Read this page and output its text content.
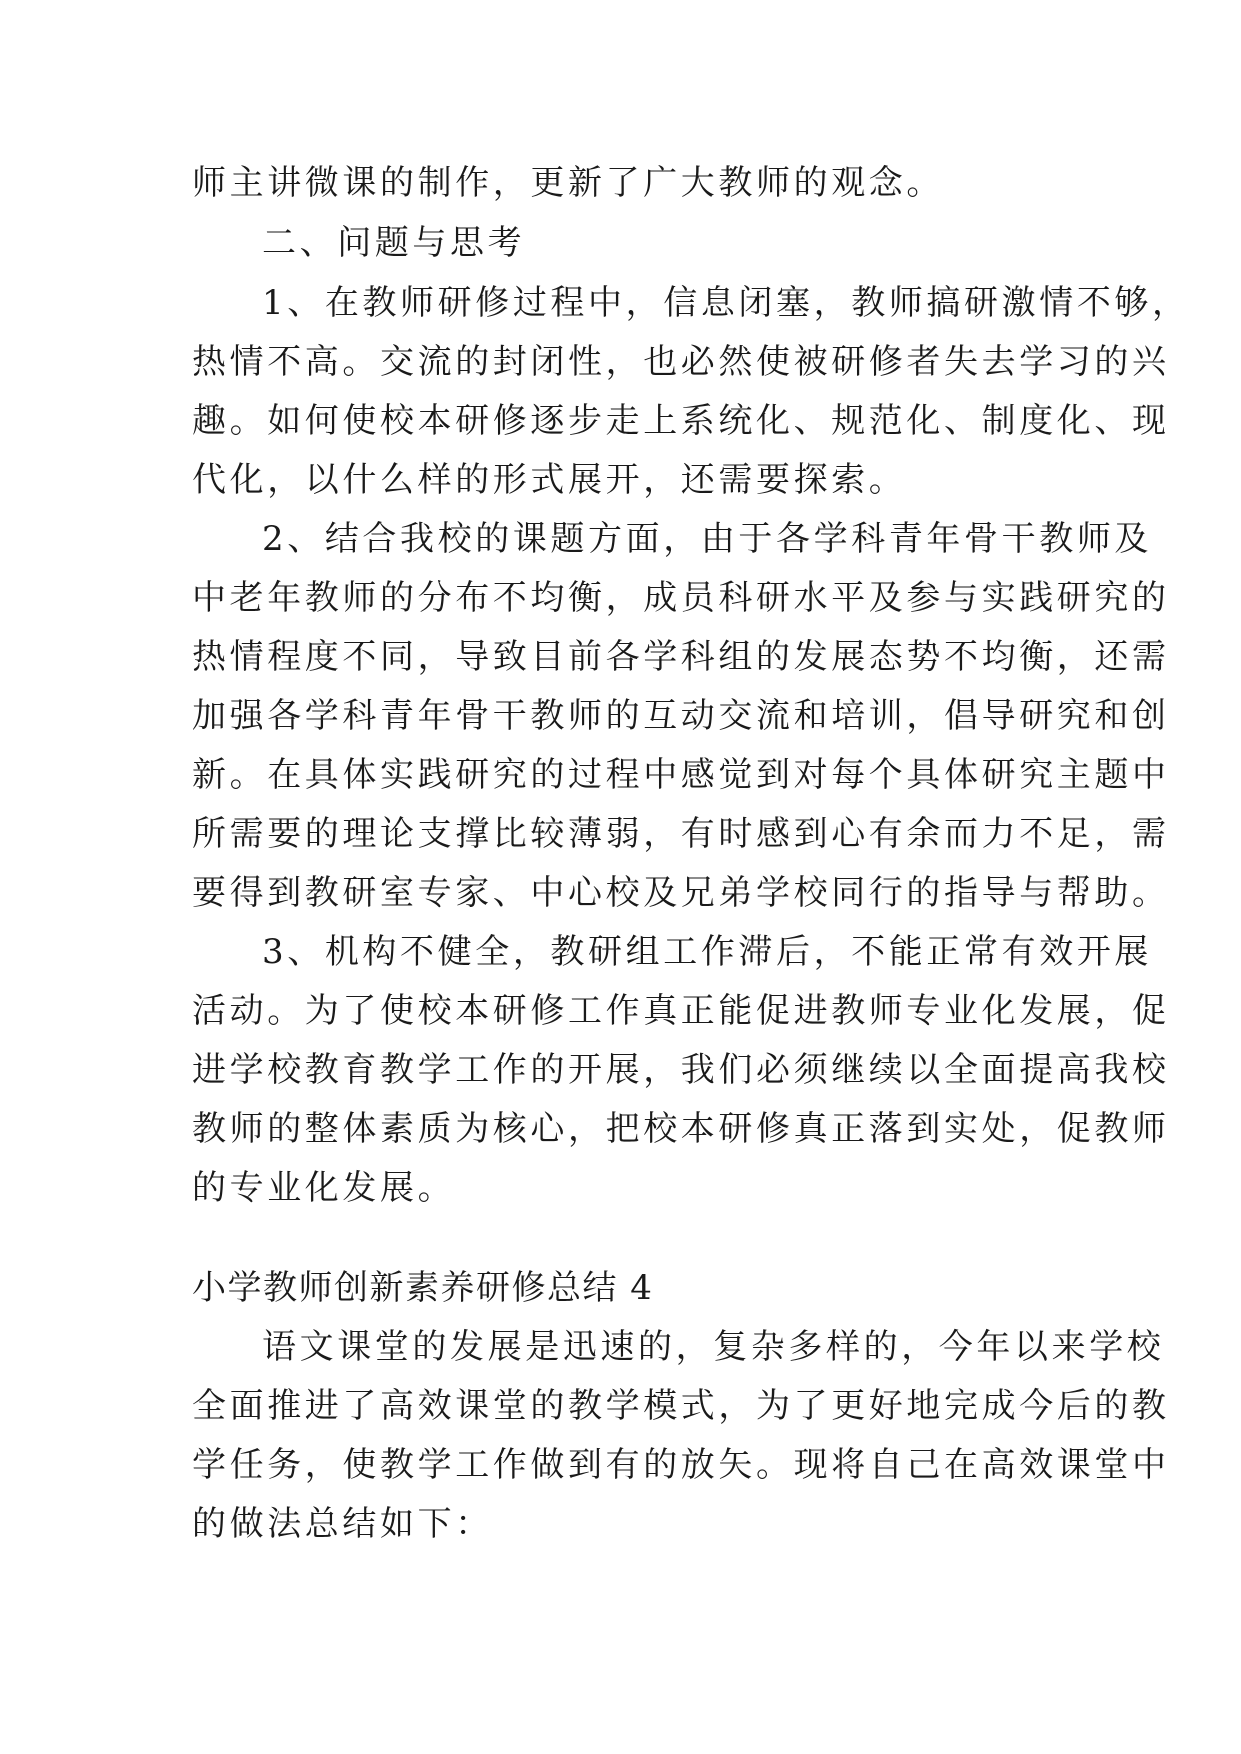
师主讲微课的制作，更新了广大教师的观念。
二、问题与思考
1、在教师研修过程中，信息闭塞，教师搞研激情不够，
热情不高。交流的封闭性，也必然使被研修者失去学习的兴
趣。如何使校本研修逐步走上系统化、规范化、制度化、现
代化，以什么样的形式展开，还需要探索。
2、结合我校的课题方面，由于各学科青年骨干教师及
中老年教师的分布不均衡，成员科研水平及参与实践研究的
热情程度不同，导致目前各学科组的发展态势不均衡，还需
加强各学科青年骨干教师的互动交流和培训，倡导研究和创
新。在具体实践研究的过程中感觉到对每个具体研究主题中
所需要的理论支撑比较薄弱，有时感到心有余而力不足，需
要得到教研室专家、中心校及兄弟学校同行的指导与帮助。
3、机构不健全，教研组工作滞后，不能正常有效开展
活动。为了使校本研修工作真正能促进教师专业化发展，促
进学校教育教学工作的开展，我们必须继续以全面提高我校
教师的整体素质为核心，把校本研修真正落到实处，促教师
的专业化发展。
小学教师创新素养研修总结 4
语文课堂的发展是迅速的，复杂多样的，今年以来学校
全面推进了高效课堂的教学模式，为了更好地完成今后的教
学任务，使教学工作做到有的放矢。现将自己在高效课堂中
的做法总结如下：
